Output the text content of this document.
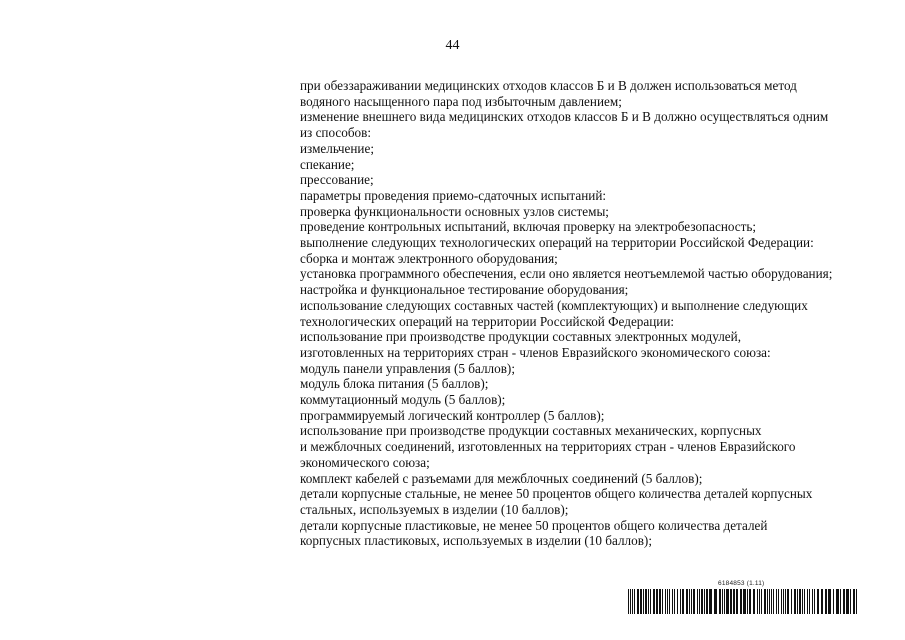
44
при обеззараживании медицинских отходов классов Б и В должен использоваться метод
водяного насыщенного пара под избыточным давлением;
изменение внешнего вида медицинских отходов классов Б и В должно осуществляться одним
из способов:
измельчение;
спекание;
прессование;
параметры проведения приемо-сдаточных испытаний:
проверка функциональности основных узлов системы;
проведение контрольных испытаний, включая проверку на электробезопасность;
выполнение следующих технологических операций на территории Российской Федерации:
сборка и монтаж электронного оборудования;
установка программного обеспечения, если оно является неотъемлемой частью оборудования;
настройка и функциональное тестирование оборудования;
использование следующих составных частей (комплектующих) и выполнение следующих
технологических операций на территории Российской Федерации:
использование при производстве продукции составных электронных модулей,
изготовленных на территориях стран - членов Евразийского экономического союза:
модуль панели управления (5 баллов);
модуль блока питания (5 баллов);
коммутационный модуль (5 баллов);
программируемый логический контроллер (5 баллов);
использование при производстве продукции составных механических, корпусных
и межблочных соединений, изготовленных на территориях стран - членов Евразийского
экономического союза;
комплект кабелей с разъемами для межблочных соединений (5 баллов);
детали корпусные стальные, не менее 50 процентов общего количества деталей корпусных
стальных, используемых в изделии (10 баллов);
детали корпусные пластиковые, не менее 50 процентов общего количества деталей
корпусных пластиковых, используемых в изделии (10 баллов);
6184853 (1.11)
